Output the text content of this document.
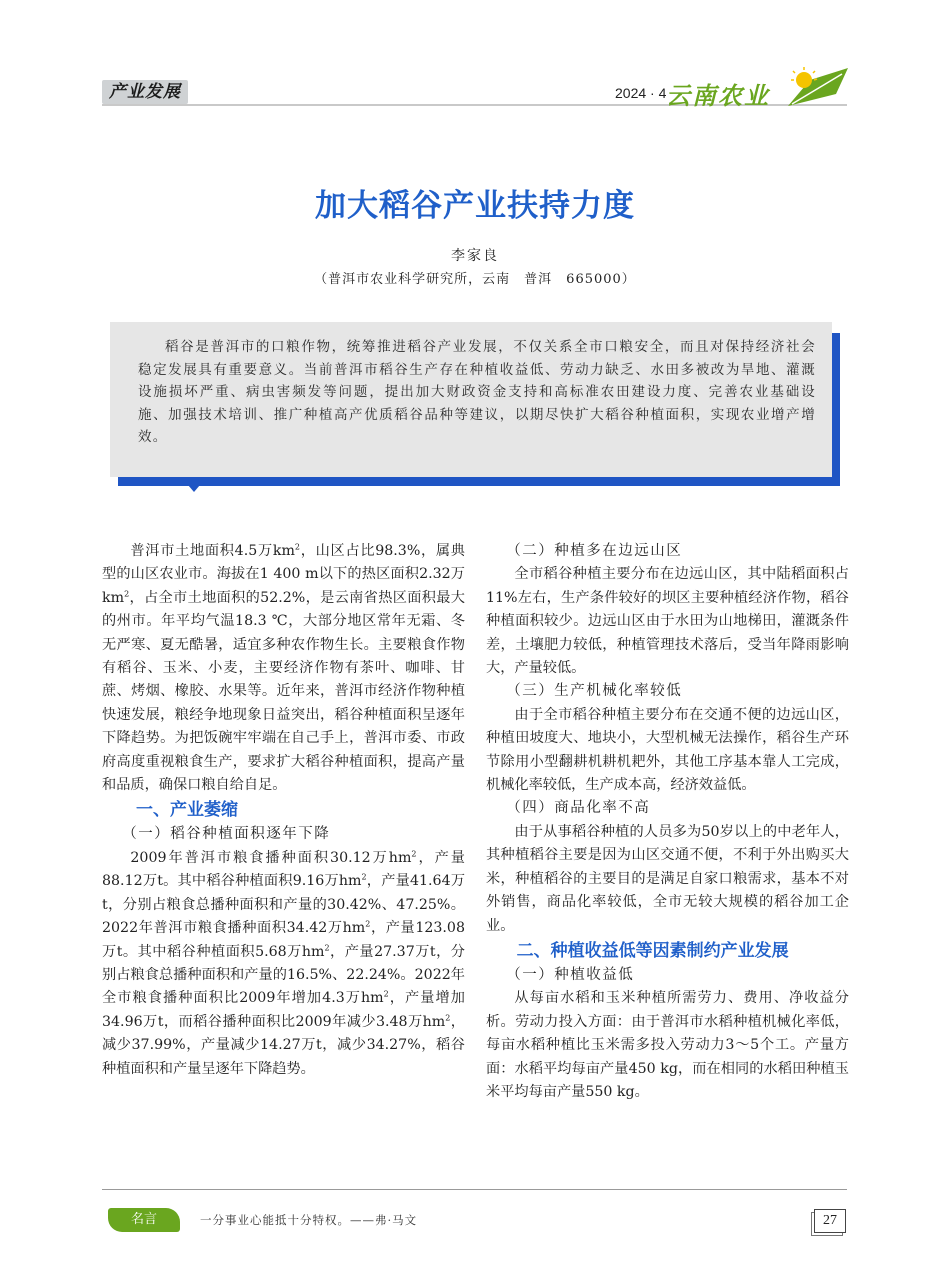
产业发展	2024 · 4 云南农业
加大稻谷产业扶持力度
李家良
（普洱市农业科学研究所，云南　普洱　665000）
稻谷是普洱市的口粮作物，统筹推进稻谷产业发展，不仅关系全市口粮安全，而且对保持经济社会稳定发展具有重要意义。当前普洱市稻谷生产存在种植收益低、劳动力缺乏、水田多被改为旱地、灌溉设施损坏严重、病虫害频发等问题，提出加大财政资金支持和高标准农田建设力度、完善农业基础设施、加强技术培训、推广种植高产优质稻谷品种等建议，以期尽快扩大稻谷种植面积，实现农业增产增效。

普洱市土地面积4.5万$km^2$，山区占比98.3%，属典型的山区农业市。海拔在1 400 m以下的热区面积2.32万$km^2$，占全市土地面积的52.2%，是云南省热区面积最大的州市。年平均气温18.3 ℃，大部分地区常年无霜、冬无严寒、夏无酷暑，适宜多种农作物生长。主要粮食作物有稻谷、玉米、小麦，主要经济作物有茶叶、咖啡、甘蔗、烤烟、橡胶、水果等。近年来，普洱市经济作物种植快速发展，粮经争地现象日益突出，稻谷种植面积呈逐年下降趋势。为把饭碗牢牢端在自己手上，普洱市委、市政府高度重视粮食生产，要求扩大稻谷种植面积，提高产量和品质，确保口粮自给自足。

一、产业萎缩
（一）稻谷种植面积逐年下降

2009年普洱市粮食播种面积30.12万$hm^2$，产量88.12万t。其中稻谷种植面积9.16万$hm^2$，产量41.64万t，分别占粮食总播种面积和产量的30.42%、47.25%。2022年普洱市粮食播种面积34.42万$hm^2$，产量123.08万t。其中稻谷种植面积5.68万$hm^2$，产量27.37万t，分别占粮食总播种面积和产量的16.5%、22.24%。2022年全市粮食播种面积比2009年增加4.3万$hm^2$，产量增加34.96万t，而稻谷播种面积比2009年减少3.48万$hm^2$，减少37.99%，产量减少14.27万t，减少34.27%，稻谷种植面积和产量呈逐年下降趋势。

（二）种植多在边远山区

全市稻谷种植主要分布在边远山区，其中陆稻面积占11%左右，生产条件较好的坝区主要种植经济作物，稻谷种植面积较少。边远山区由于水田为山地梯田，灌溉条件差，土壤肥力较低，种植管理技术落后，受当年降雨影响大，产量较低。

（三）生产机械化率较低

由于全市稻谷种植主要分布在交通不便的边远山区，种植田坡度大、地块小，大型机械无法操作，稻谷生产环节除用小型翻耕机耕机耙外，其他工序基本靠人工完成，机械化率较低，生产成本高，经济效益低。

（四）商品化率不高

由于从事稻谷种植的人员多为50岁以上的中老年人，其种植稻谷主要是因为山区交通不便，不利于外出购买大米，种植稻谷的主要目的是满足自家口粮需求，基本不对外销售，商品化率较低，全市无较大规模的稻谷加工企业。

二、种植收益低等因素制约产业发展
（一）种植收益低

从每亩水稻和玉米种植所需劳力、费用、净收益分析。劳动力投入方面：由于普洱市水稻种植机械化率低，每亩水稻种植比玉米需多投入劳动力3～5个工。产量方面：水稻平均每亩产量450 kg，而在相同的水稻田种植玉米平均每亩产量550 kg。

名言	一分事业心能抵十分特权。——弗·马文	27
